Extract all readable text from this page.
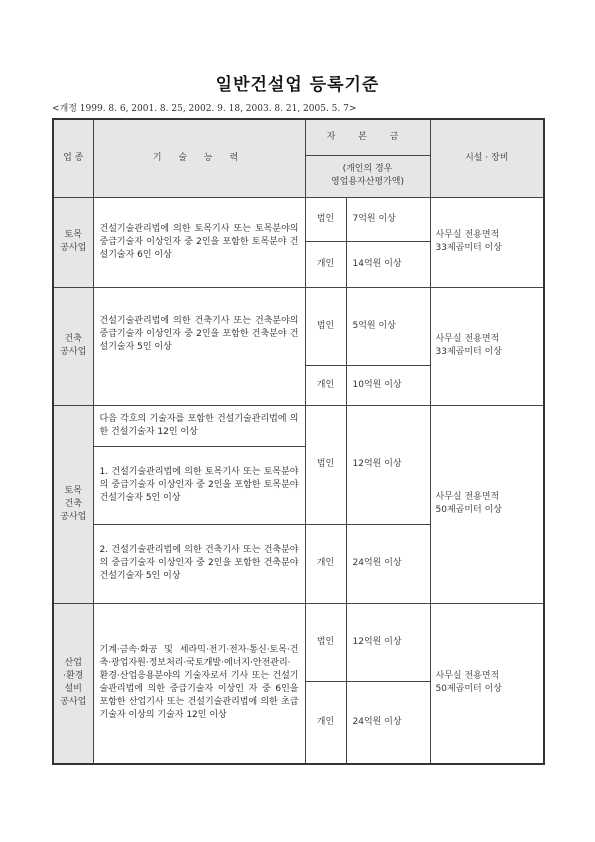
일반건설업 등록기준
<개정 1999. 8. 6, 2001. 8. 25, 2002. 9. 18, 2003. 8. 21, 2005. 5. 7>
업 종	기 술 능 력	자 본 금		시설 · 장비
		(개인의 경우
영업용자산평가액)		
토목
공사업	건설기술관리법에 의한 토목기사 또는 토목분야의 중급기술자 이상인자 중 2인을 포함한 토목분야 건설기술자 6인 이상	법인	7억원 이상	사무실 전용면적
33제곱미터 이상
		개인	14억원 이상	
건축
공사업	건설기술관리법에 의한 건축기사 또는 건축분야의 중급기술자 이상인자 중 2인을 포함한 건축분야 건설기술자 5인 이상	법인	5억원 이상	사무실 전용면적
33제곱미터 이상
		개인	10억원 이상	
토목
건축
공사업	다음 각호의 기술자를 포함한 건설기술관리법에 의한 건설기술자 12인 이상	법인	12억원 이상	사무실 전용면적
50제곱미터 이상

	1. 건설기술관리법에 의한 토목기사 또는 토목분야의 중급기술자 이상인자 중 2인을 포함한 토목분야 건설기술자 5인 이상			

	2. 건설기술관리법에 의한 건축기사 또는 건축분야의 중급기술자 이상인자 중 2인을 포함한 건축분야 건설기술자 5인 이상	개인	24억원 이상	
산업
·환경
설비
공사업	기계·금속·화공 및 세라믹·전기·전자·통신·토목·건축·광업자원·정보처리·국토개발·에너지·안전관리·환경·산업응용분야의 기술자로서 기사 또는 건설기술관리법에 의한 중급기술자 이상인 자 중 6인을 포함한 산업기사 또는 건설기술관리법에 의한 초급기술자 이상의 기술자 12인 이상	법인	12억원 이상	사무실 전용면적
50제곱미터 이상
		개인	24억원 이상	
